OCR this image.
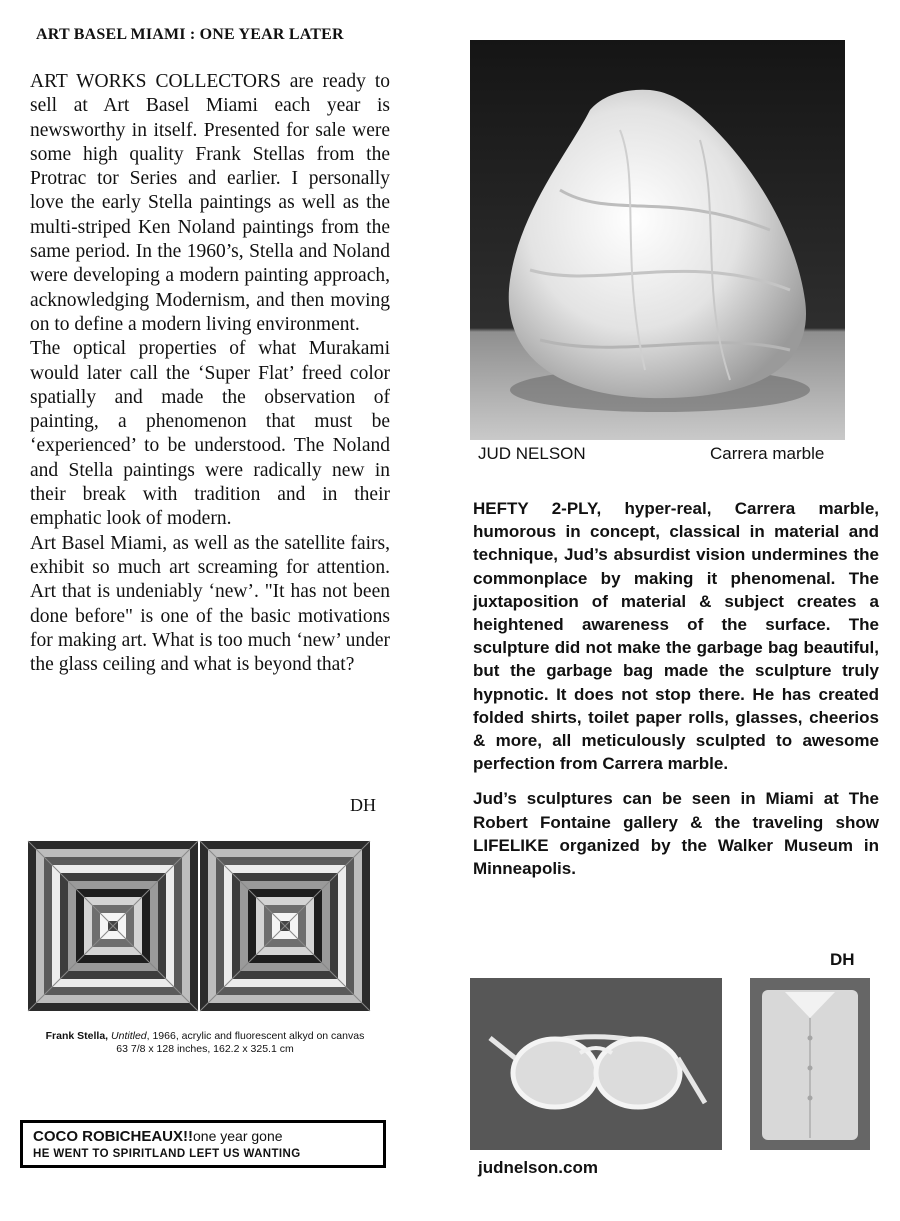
ART BASEL MIAMI : ONE YEAR LATER

ART WORKS COLLECTORS are ready to sell at Art Basel Miami each year is newsworthy in itself. Presented for sale were some high quality Frank Stellas from the Protrac tor Series and earlier. I personally love the early Stella paintings as well as the multi-striped Ken Noland paintings from the same period. In the 1960’s, Stella and Noland were developing a modern painting approach, acknowledging Modernism, and then moving on to define a modern living environment.

The optical properties of what Murakami would later call the ‘Super Flat’ freed color spatially and made the observation of painting, a phenomenon that must be ‘experienced’ to be understood. The Noland and Stella paintings were radically new in their break with tradition and in their emphatic look of modern.

Art Basel Miami, as well as the satellite fairs, exhibit so much art screaming for attention. Art that is undeniably ‘new’. "It has not been done before" is one of the basic motivations for making art. What is too much ‘new’ under the glass ceiling and what is beyond that?

DH
Frank Stella, Untitled, 1966, acrylic and fluorescent alkyd on canvas
63 7/8 x 128 inches, 162.2 x 325.1 cm
COCO ROBICHEAUX!!one year gone
HE WENT TO SPIRITLAND LEFT US WANTING
JUD NELSON	Carrera marble

HEFTY 2-PLY, hyper-real, Carrera marble, humorous in concept, classical in material and technique, Jud’s absurdist vision undermines the commonplace by making it phenomenal. The juxtaposition of material & subject creates a heightened awareness of the surface. The sculpture did not make the garbage bag beautiful, but the garbage bag made the sculpture truly hypnotic. It does not stop there. He has created folded shirts, toilet paper rolls, glasses, cheerios & more, all meticulously sculpted to awesome perfection from Carrera marble.

Jud’s sculptures can be seen in Miami at The Robert Fontaine gallery & the traveling show LIFELIKE organized by the Walker Museum in Minneapolis.

DH
judnelson.com
